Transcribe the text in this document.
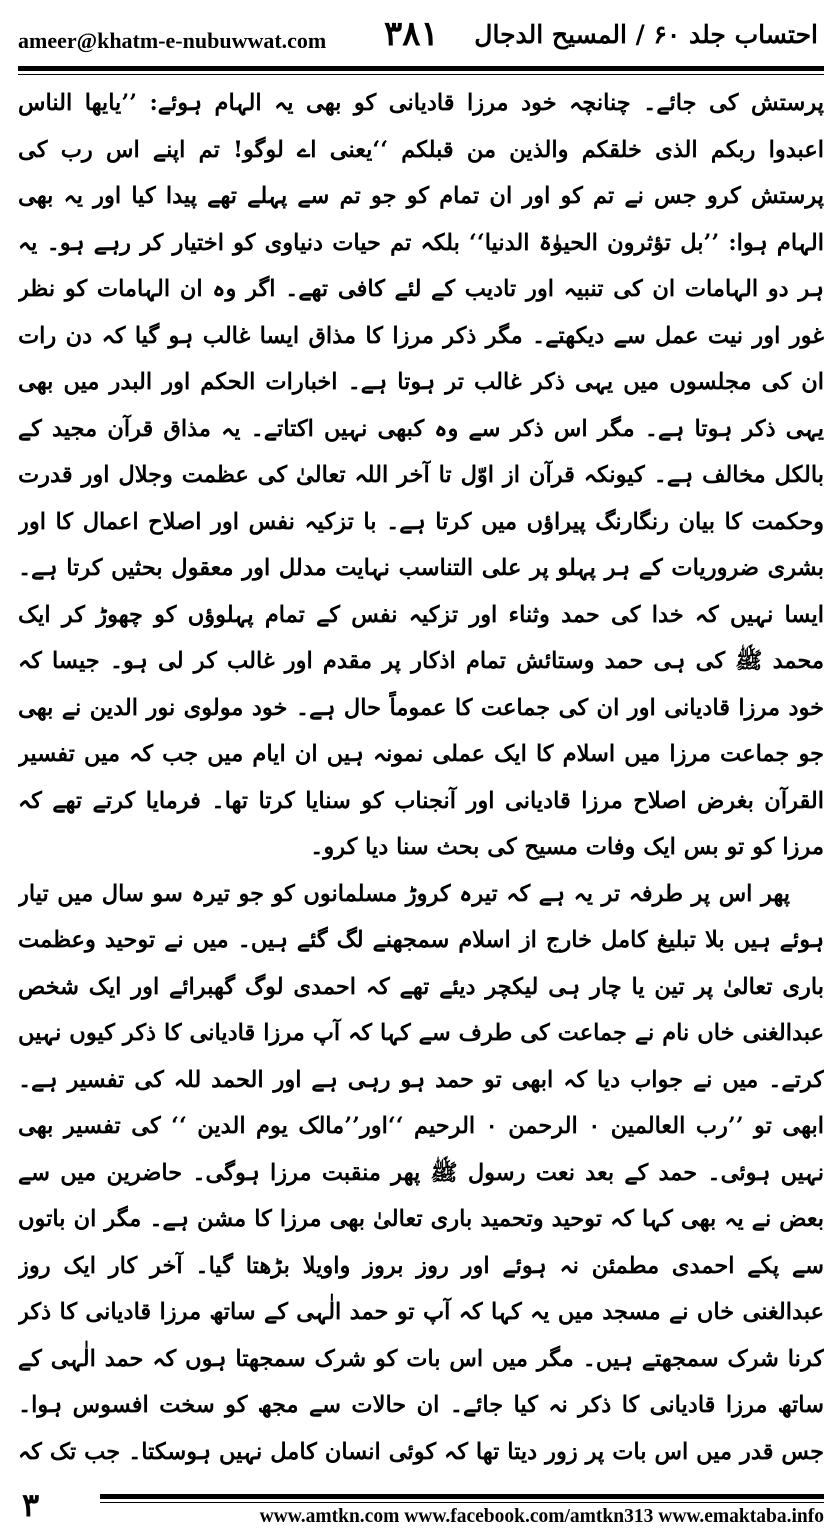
ameer@khatm-e-nubuwwat.com ۳۸۱ احتساب جلد ۶۰ / المسیح الدجال

پرستش کی جائے۔ چنانچہ خود مرزا قادیانی کو بھی یہ الہام ہوئے: ’’یایھا الناس اعبدوا ربکم الذی خلقکم والذین من قبلکم ‘‘یعنی اے لوگو! تم اپنے اس رب کی پرستش کرو جس نے تم کو اور ان تمام کو جو تم سے پہلے تھے پیدا کیا اور یہ بھی الہام ہوا: ’’بل تؤثرون الحیوٰۃ الدنیا‘‘ بلکہ تم حیات دنیاوی کو اختیار کر رہے ہو۔ یہ ہر دو الہامات ان کی تنبیہ اور تادیب کے لئے کافی تھے۔ اگر وہ ان الہامات کو نظر غور اور نیت عمل سے دیکھتے۔ مگر ذکر مرزا کا مذاق ایسا غالب ہو گیا کہ دن رات ان کی مجلسوں میں یہی ذکر غالب تر ہوتا ہے۔ اخبارات الحکم اور البدر میں بھی یہی ذکر ہوتا ہے۔ مگر اس ذکر سے وہ کبھی نہیں اکتاتے۔ یہ مذاق قرآن مجید کے بالکل مخالف ہے۔ کیونکہ قرآن از اوّل تا آخر اللہ تعالیٰ کی عظمت وجلال اور قدرت وحکمت کا بیان رنگارنگ پیراؤں میں کرتا ہے۔ با تزکیہ نفس اور اصلاح اعمال کا اور بشری ضروریات کے ہر پہلو پر علی التناسب نہایت مدلل اور معقول بحثیں کرتا ہے۔ ایسا نہیں کہ خدا کی حمد وثناء اور تزکیہ نفس کے تمام پہلوؤں کو چھوڑ کر ایک محمد ﷺ کی ہی حمد وستائش تمام اذکار پر مقدم اور غالب کر لی ہو۔ جیسا کہ خود مرزا قادیانی اور ان کی جماعت کا عموماً حال ہے۔ خود مولوی نور الدین نے بھی جو جماعت مرزا میں اسلام کا ایک عملی نمونہ ہیں ان ایام میں جب کہ میں تفسیر القرآن بغرض اصلاح مرزا قادیانی اور آنجناب کو سنایا کرتا تھا۔ فرمایا کرتے تھے کہ مرزا کو تو بس ایک وفات مسیح کی بحث سنا دیا کرو۔

پھر اس پر طرفہ تر یہ ہے کہ تیرہ کروڑ مسلمانوں کو جو تیرہ سو سال میں تیار ہوئے ہیں بلا تبلیغ کامل خارج از اسلام سمجھنے لگ گئے ہیں۔ میں نے توحید وعظمت باری تعالیٰ پر تین یا چار ہی لیکچر دیئے تھے کہ احمدی لوگ گھبرائے اور ایک شخص عبدالغنی خاں نام نے جماعت کی طرف سے کہا کہ آپ مرزا قادیانی کا ذکر کیوں نہیں کرتے۔ میں نے جواب دیا کہ ابھی تو حمد ہو رہی ہے اور الحمد للہ کی تفسیر ہے۔ ابھی تو ’’رب العالمین ۰ الرحمن ۰ الرحیم ‘‘اور’’مالک یوم الدین ‘‘ کی تفسیر بھی نہیں ہوئی۔ حمد کے بعد نعت رسول ﷺ پھر منقبت مرزا ہوگی۔ حاضرین میں سے بعض نے یہ بھی کہا کہ توحید وتحمید باری تعالیٰ بھی مرزا کا مشن ہے۔ مگر ان باتوں سے پکے احمدی مطمئن نہ ہوئے اور روز بروز واویلا بڑھتا گیا۔ آخر کار ایک روز عبدالغنی خاں نے مسجد میں یہ کہا کہ آپ تو حمد الٰہی کے ساتھ مرزا قادیانی کا ذکر کرنا شرک سمجھتے ہیں۔ مگر میں اس بات کو شرک سمجھتا ہوں کہ حمد الٰہی کے ساتھ مرزا قادیانی کا ذکر نہ کیا جائے۔ ان حالات سے مجھ کو سخت افسوس ہوا۔ جس قدر میں اس بات پر زور دیتا تھا کہ کوئی انسان کامل نہیں ہوسکتا۔ جب تک کہ

۳	www.amtkn.com www.facebook.com/amtkn313 www.emaktaba.info
